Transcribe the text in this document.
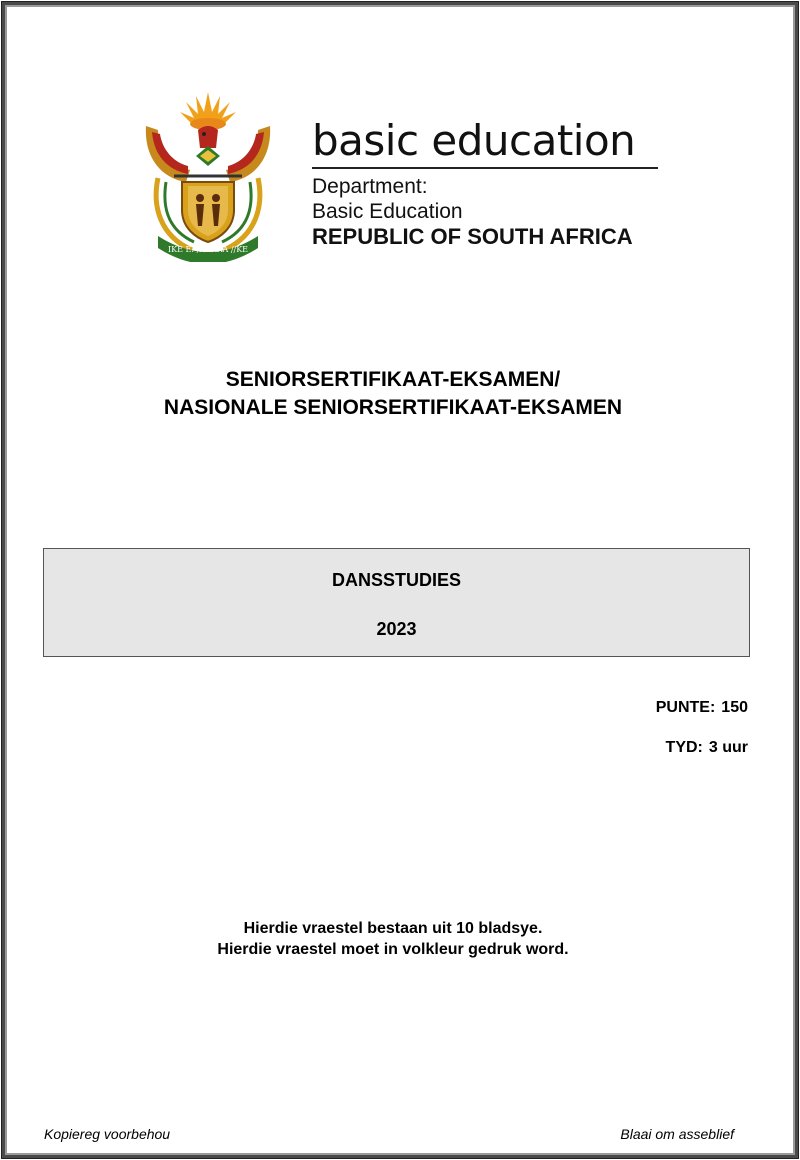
IKE E: /XARRA //KE
basic education
Department:
Basic Education
REPUBLIC OF SOUTH AFRICA
SENIORSERTIFIKAAT-EKSAMEN/
NASIONALE SENIORSERTIFIKAAT-EKSAMEN
DANSSTUDIES
2023
PUNTE: 150
TYD: 3 uur
Hierdie vraestel bestaan uit 10 bladsye.
Hierdie vraestel moet in volkleur gedruk word.
Kopiereg voorbehou	Blaai om asseblief
